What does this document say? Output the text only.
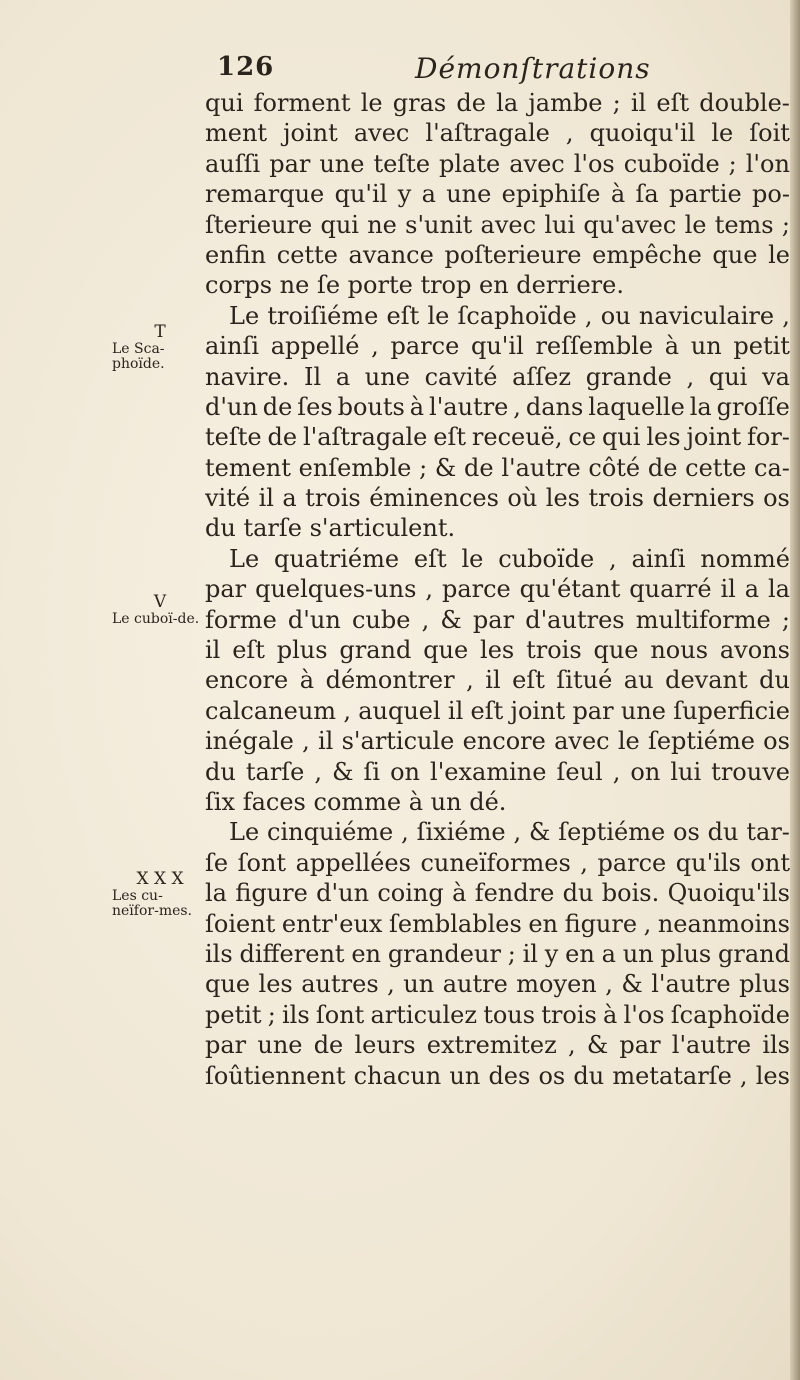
126	Démonſtrations
T
Le Sca-phoïde.
V
Le cuboï-de.
X X X
Les cu-neïfor-mes.
qui forment le gras de la jambe ; il eſt double-
ment joint avec l'aſtragale , quoiqu'il le ſoit
auſſi par une teſte plate avec l'os cuboïde ; l'on
remarque qu'il y a une epiphiſe à ſa partie po-
ſterieure qui ne s'unit avec lui qu'avec le tems ;
enfin cette avance poſterieure empêche que le
corps ne ſe porte trop en derriere.
Le troiſiéme eſt le ſcaphoïde , ou naviculaire ,
ainſi appellé , parce qu'il reſſemble à un petit
navire. Il a une cavité aſſez grande , qui va
d'un de ſes bouts à l'autre , dans laquelle la groſſe
teſte de l'aſtragale eſt receuë, ce qui les joint for-
tement enſemble ; & de l'autre côté de cette ca-
vité il a trois éminences où les trois derniers os
du tarſe s'articulent.
Le quatriéme eſt le cuboïde , ainſi nommé
par quelques-uns , parce qu'étant quarré il a la
forme d'un cube , & par d'autres multiforme ;
il eſt plus grand que les trois que nous avons
encore à démontrer , il eſt ſitué au devant du
calcaneum , auquel il eſt joint par une ſuperficie
inégale , il s'articule encore avec le ſeptiéme os
du tarſe , & ſi on l'examine ſeul , on lui trouve
ſix faces comme à un dé.
Le cinquiéme , ſixiéme , & ſeptiéme os du tar-
ſe ſont appellées cuneïformes , parce qu'ils ont
la figure d'un coing à fendre du bois. Quoiqu'ils
ſoient entr'eux ſemblables en figure , neanmoins
ils different en grandeur ; il y en a un plus grand
que les autres , un autre moyen , & l'autre plus
petit ; ils ſont articulez tous trois à l'os ſcaphoïde
par une de leurs extremitez , & par l'autre ils
ſoûtiennent chacun un des os du metatarſe , les
